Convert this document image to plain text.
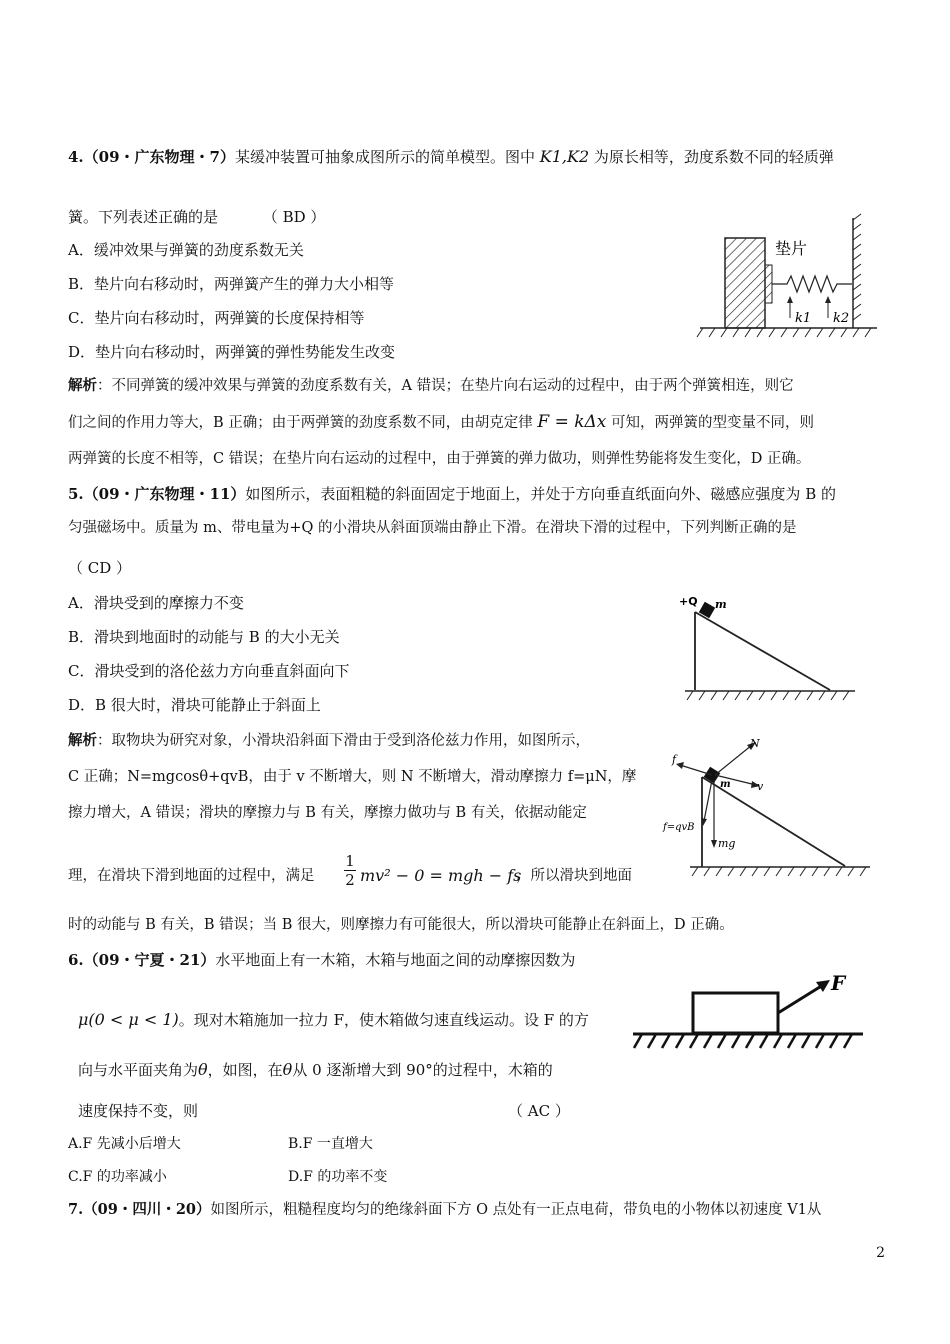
4.（09・广东物理・7）某缓冲装置可抽象成图所示的简单模型。图中 K1,K2 为原长相等，劲度系数不同的轻质弹
簧。下列表述正确的是	（ BD ）
A．缓冲效果与弹簧的劲度系数无关
B．垫片向右移动时，两弹簧产生的弹力大小相等
C．垫片向右移动时，两弹簧的长度保持相等
D．垫片向右移动时，两弹簧的弹性势能发生改变
垫片
k1 k2
解析：不同弹簧的缓冲效果与弹簧的劲度系数有关，A 错误；在垫片向右运动的过程中，由于两个弹簧相连，则它
们之间的作用力等大，B 正确；由于两弹簧的劲度系数不同，由胡克定律 F = kΔx 可知，两弹簧的型变量不同，则
两弹簧的长度不相等，C 错误；在垫片向右运动的过程中，由于弹簧的弹力做功，则弹性势能将发生变化，D 正确。
5.（09・广东物理・11）如图所示，表面粗糙的斜面固定于地面上，并处于方向垂直纸面向外、磁感应强度为 B 的
匀强磁场中。质量为 m、带电量为+Q 的小滑块从斜面顶端由静止下滑。在滑块下滑的过程中，下列判断正确的是
（ CD ）
A．滑块受到的摩擦力不变
B．滑块到地面时的动能与 B 的大小无关
C．滑块受到的洛伦兹力方向垂直斜面向下
D．B 很大时，滑块可能静止于斜面上
+Q m
解析：取物块为研究对象，小滑块沿斜面下滑由于受到洛伦兹力作用，如图所示，
C 正确；N=mgcosθ+qvB，由于 v 不断增大，则 N 不断增大，滑动摩擦力 f=μN，摩
擦力增大，A 错误；滑块的摩擦力与 B 有关，摩擦力做功与 B 有关，依据动能定
理，在滑块下滑到地面的过程中，满足 $\frac{1}{2} mv^2 - 0$ = mgh − fs
，所以滑块到地面
时的动能与 B 有关，B 错误；当 B 很大，则摩擦力有可能很大，所以滑块可能静止在斜面上，D 正确。
N
v
f
m
f=qvB
mg
6.（09・宁夏・21）水平地面上有一木箱，木箱与地面之间的动摩擦因数为
μ(0 < μ < 1)。现对木箱施加一拉力 F，使木箱做匀速直线运动。设 F 的方
向与水平面夹角为θ，如图，在θ从 0 逐渐增大到 90°的过程中，木箱的
速度保持不变，则	（ AC ）
A.F 先减小后增大	B.F 一直增大
C.F 的功率减小	D.F 的功率不变
F
7.（09・四川・20）如图所示，粗糙程度均匀的绝缘斜面下方 O 点处有一正点电荷，带负电的小物体以初速度 V1从
2
